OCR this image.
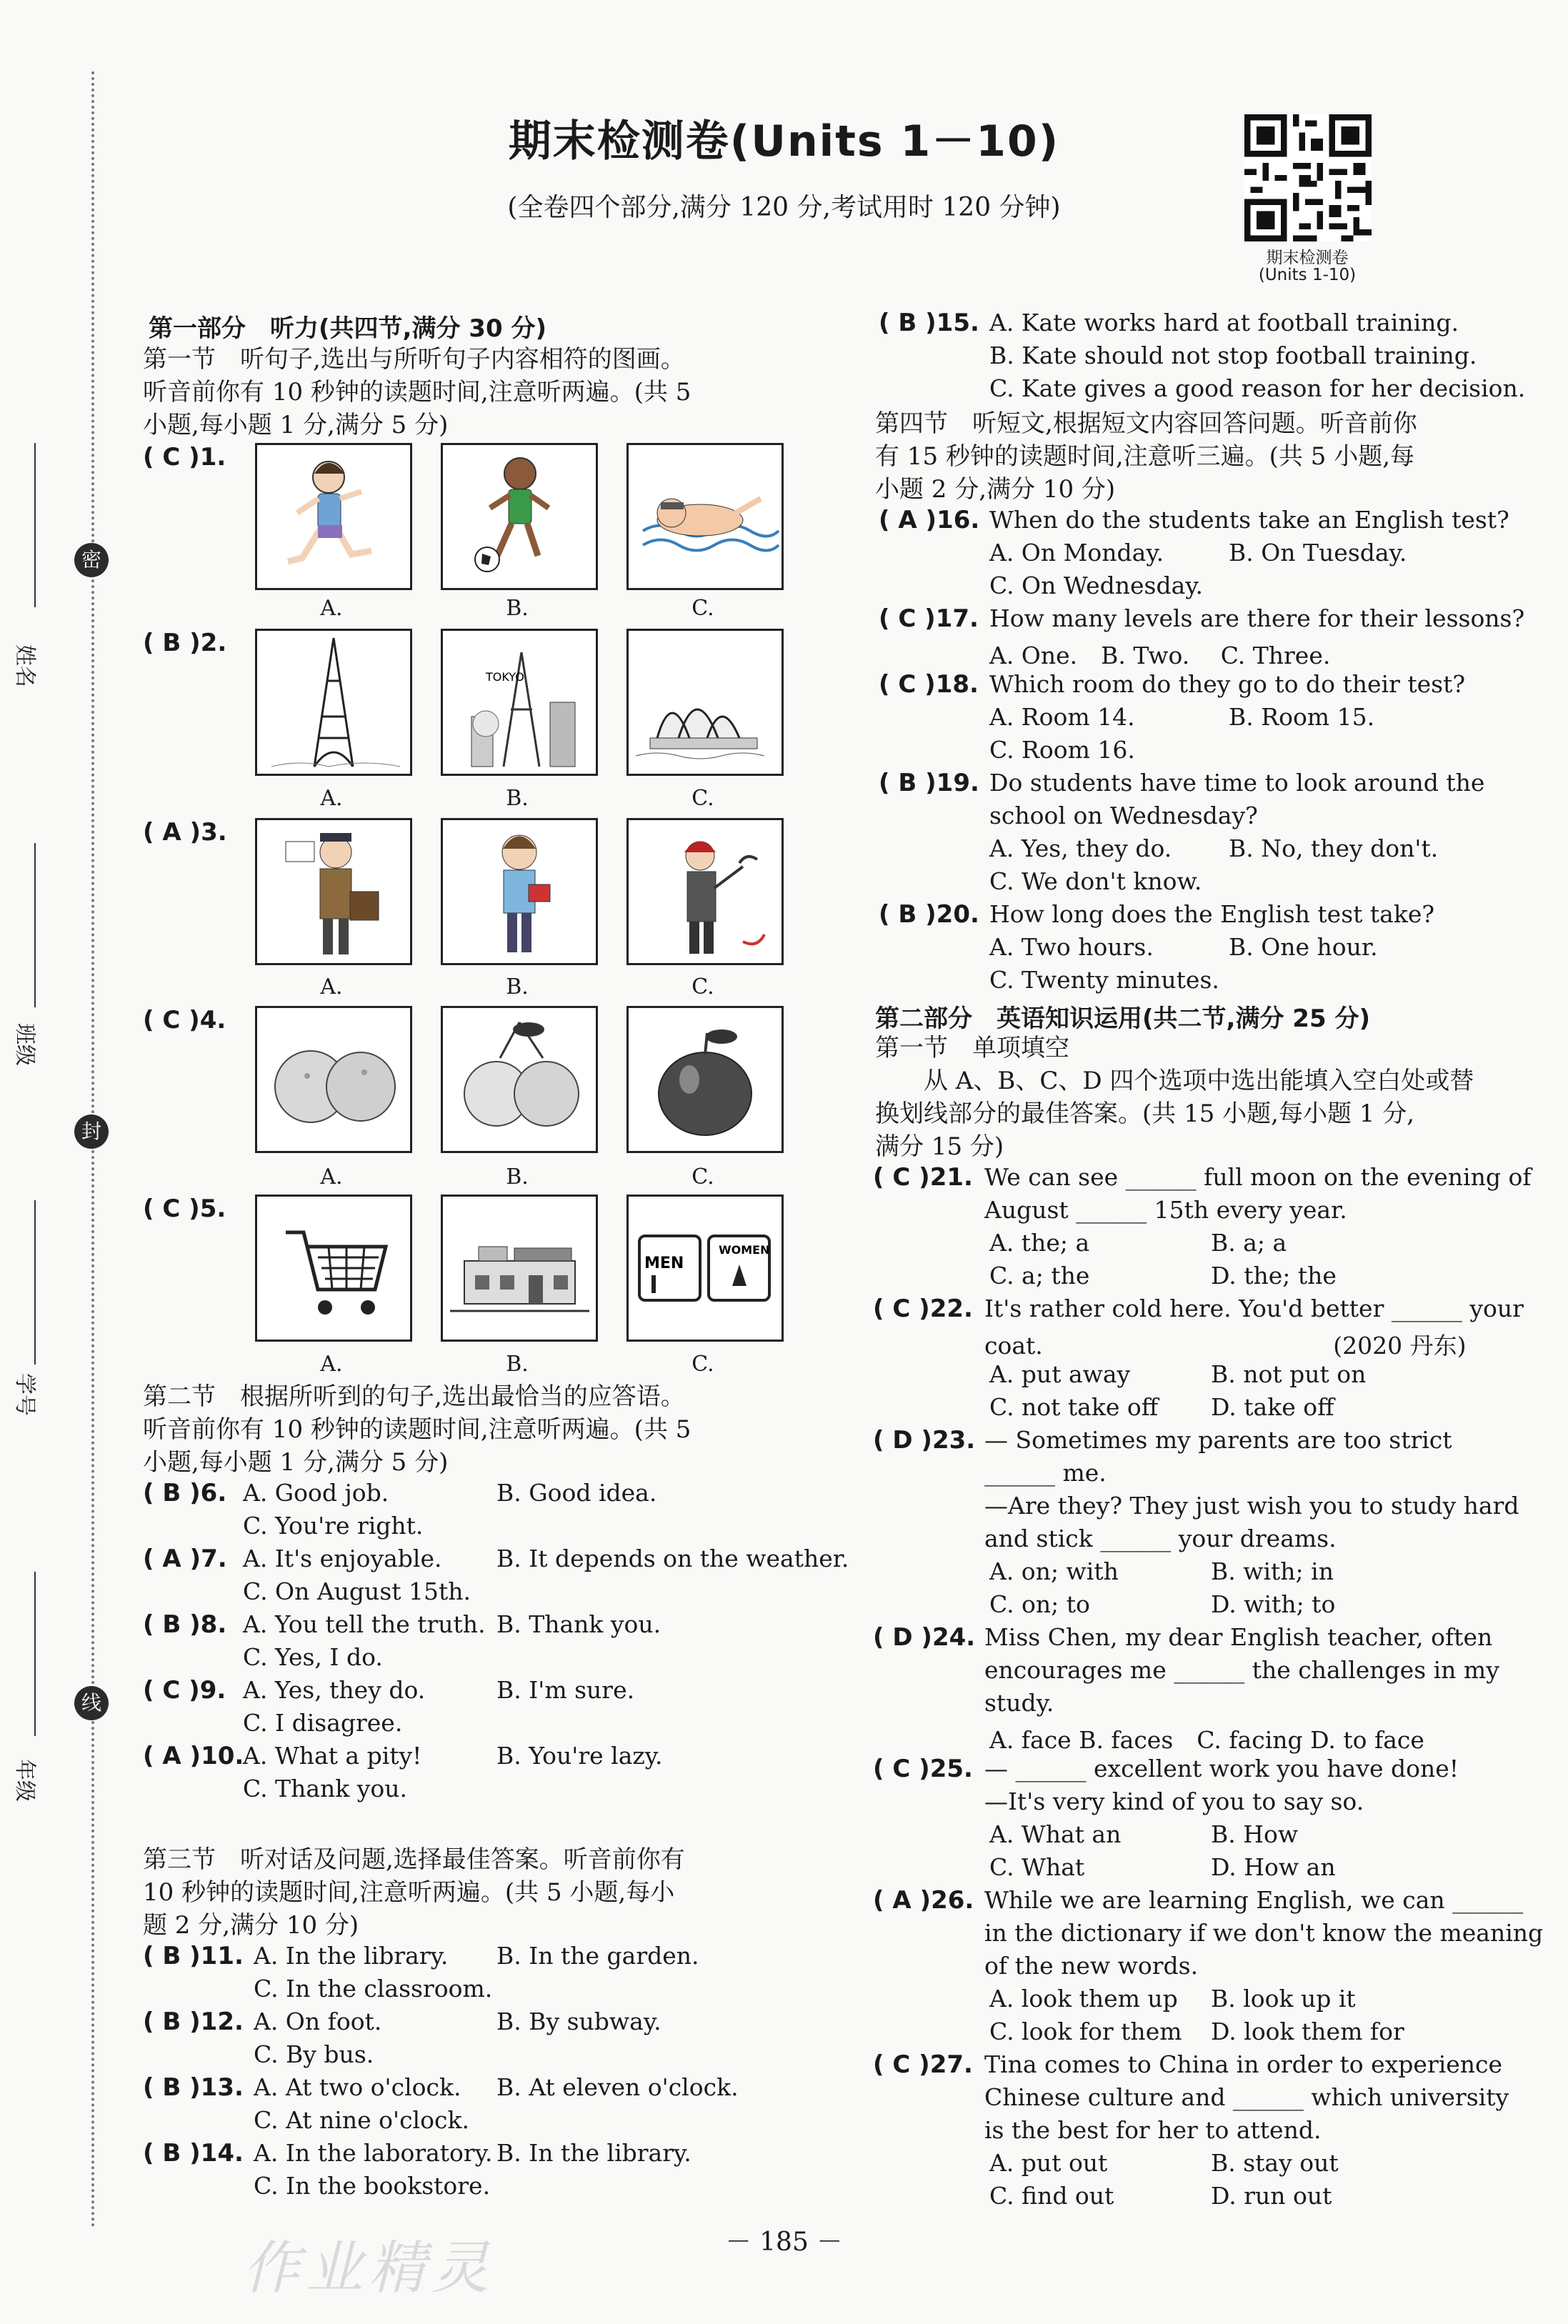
密
封
线
姓名
班级
学号
年级
期末检测卷(Units 1－10)
(全卷四个部分,满分 120 分,考试用时 120 分钟)
期末检测卷
(Units 1-10)
第一部分　听力(共四节,满分 30 分)
第一节　听句子,选出与所听句子内容相符的图画。
听音前你有 10 秒钟的读题时间,注意听两遍。(共 5
小题,每小题 1 分,满分 5 分)
( C )1.
A.	B.	C.
( B )2.
TOKYO
A.	B.	C.
( A )3.
A.	B.	C.
( C )4.
A.	B.	C.
( C )5.
MEN
WOMEN
A.	B.	C.
第二节　根据所听到的句子,选出最恰当的应答语。
听音前你有 10 秒钟的读题时间,注意听两遍。(共 5
小题,每小题 1 分,满分 5 分)
( B )6. A. Good job.	B. Good idea.
C. You're right.
( A )7. A. It's enjoyable. B. It depends on the weather.
C. On August 15th.
( B )8. A. You tell the truth. B. Thank you.
C. Yes, I do.
( C )9. A. Yes, they do.	B. I'm sure.
C. I disagree.
( A )10.
A. What a pity!	B. You're lazy.
C. Thank you.
第三节　听对话及问题,选择最佳答案。听音前你有
10 秒钟的读题时间,注意听两遍。(共 5 小题,每小
题 2 分,满分 10 分)
( B )11. A. In the library. B. In the garden.
C. In the classroom.
( B )12. A. On foot.	B. By subway.
C. By bus.
( B )13. A. At two o'clock. B. At eleven o'clock.
C. At nine o'clock.
( B )14. A. In the laboratory. B. In the library.
C. In the bookstore.
( B )15. A. Kate works hard at football training.
B. Kate should not stop football training.
C. Kate gives a good reason for her decision.
第四节　听短文,根据短文内容回答问题。听音前你
有 15 秒钟的读题时间,注意听三遍。(共 5 小题,每
小题 2 分,满分 10 分)
( A )16. When do the students take an English test?
A. On Monday.	B. On Tuesday.
C. On Wednesday.
( C )17. How many levels are there for their lessons?
A. One.　B. Two.　 C. Three.
( C )18. Which room do they go to do their test?
A. Room 14.	B. Room 15.
C. Room 16.
( B )19. Do students have time to look around the
school on Wednesday?
A. Yes, they do. B. No, they don't.
C. We don't know.
( B )20. How long does the English test take?
A. Two hours.	B. One hour.
C. Twenty minutes.
第二部分　英语知识运用(共二节,满分 25 分)
第一节　单项填空
　　从 A、B、C、D 四个选项中选出能填入空白处或替
换划线部分的最佳答案。(共 15 小题,每小题 1 分,
满分 15 分)
( C )21. We can see ______ full moon on the evening of
August ______ 15th every year.
A. the; a	B. a; a
C. a; the	D. the; the
( C )22. It's rather cold here. You'd better ______ your
coat.　　　　　　　　　　　　 (2020 丹东)
A. put away	B. not put on
C. not take off D. take off
( D )23. — Sometimes my parents are too strict
______ me.
—Are they? They just wish you to study hard
and stick ______ your dreams.
A. on; with	B. with; in
C. on; to	D. with; to
( D )24. Miss Chen, my dear English teacher, often
encourages me ______ the challenges in my
study.
A. face B. faces　C. facing D. to face
( C )25. — ______ excellent work you have done!
—It's very kind of you to say so.
A. What an	B. How
C. What	D. How an
( A )26. While we are learning English, we can ______
in the dictionary if we don't know the meaning
of the new words.
A. look them up B. look up it
C. look for them D. look them for
( C )27. Tina comes to China in order to experience
Chinese culture and ______ which university
is the best for her to attend.
A. put out	B. stay out
C. find out	D. run out
作业精灵	－ 185 －
